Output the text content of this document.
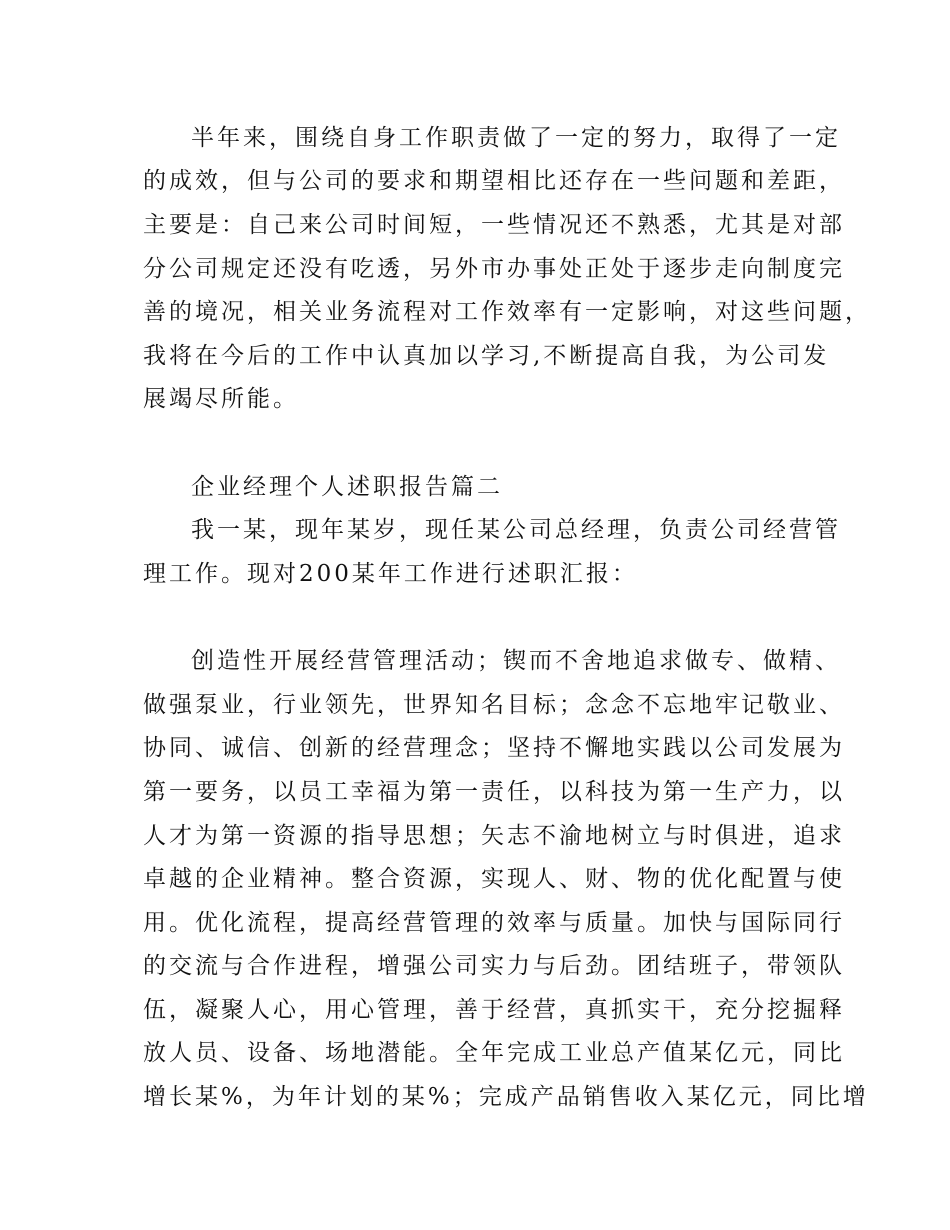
半年来，围绕自身工作职责做了一定的努力，取得了一定
的成效，但与公司的要求和期望相比还存在一些问题和差距，
主要是：自己来公司时间短，一些情况还不熟悉，尤其是对部
分公司规定还没有吃透，另外市办事处正处于逐步走向制度完
善的境况，相关业务流程对工作效率有一定影响，对这些问题，
我将在今后的工作中认真加以学习,不断提高自我，为公司发
展竭尽所能。
企业经理个人述职报告篇二
我一某，现年某岁，现任某公司总经理，负责公司经营管
理工作。现对200某年工作进行述职汇报：
创造性开展经营管理活动；锲而不舍地追求做专、做精、
做强泵业，行业领先，世界知名目标；念念不忘地牢记敬业、
协同、诚信、创新的经营理念；坚持不懈地实践以公司发展为
第一要务，以员工幸福为第一责任，以科技为第一生产力，以
人才为第一资源的指导思想；矢志不渝地树立与时俱进，追求
卓越的企业精神。整合资源，实现人、财、物的优化配置与使
用。优化流程，提高经营管理的效率与质量。加快与国际同行
的交流与合作进程，增强公司实力与后劲。团结班子，带领队
伍，凝聚人心，用心管理，善于经营，真抓实干，充分挖掘释
放人员、设备、场地潜能。全年完成工业总产值某亿元，同比
增长某%，为年计划的某%；完成产品销售收入某亿元，同比增
